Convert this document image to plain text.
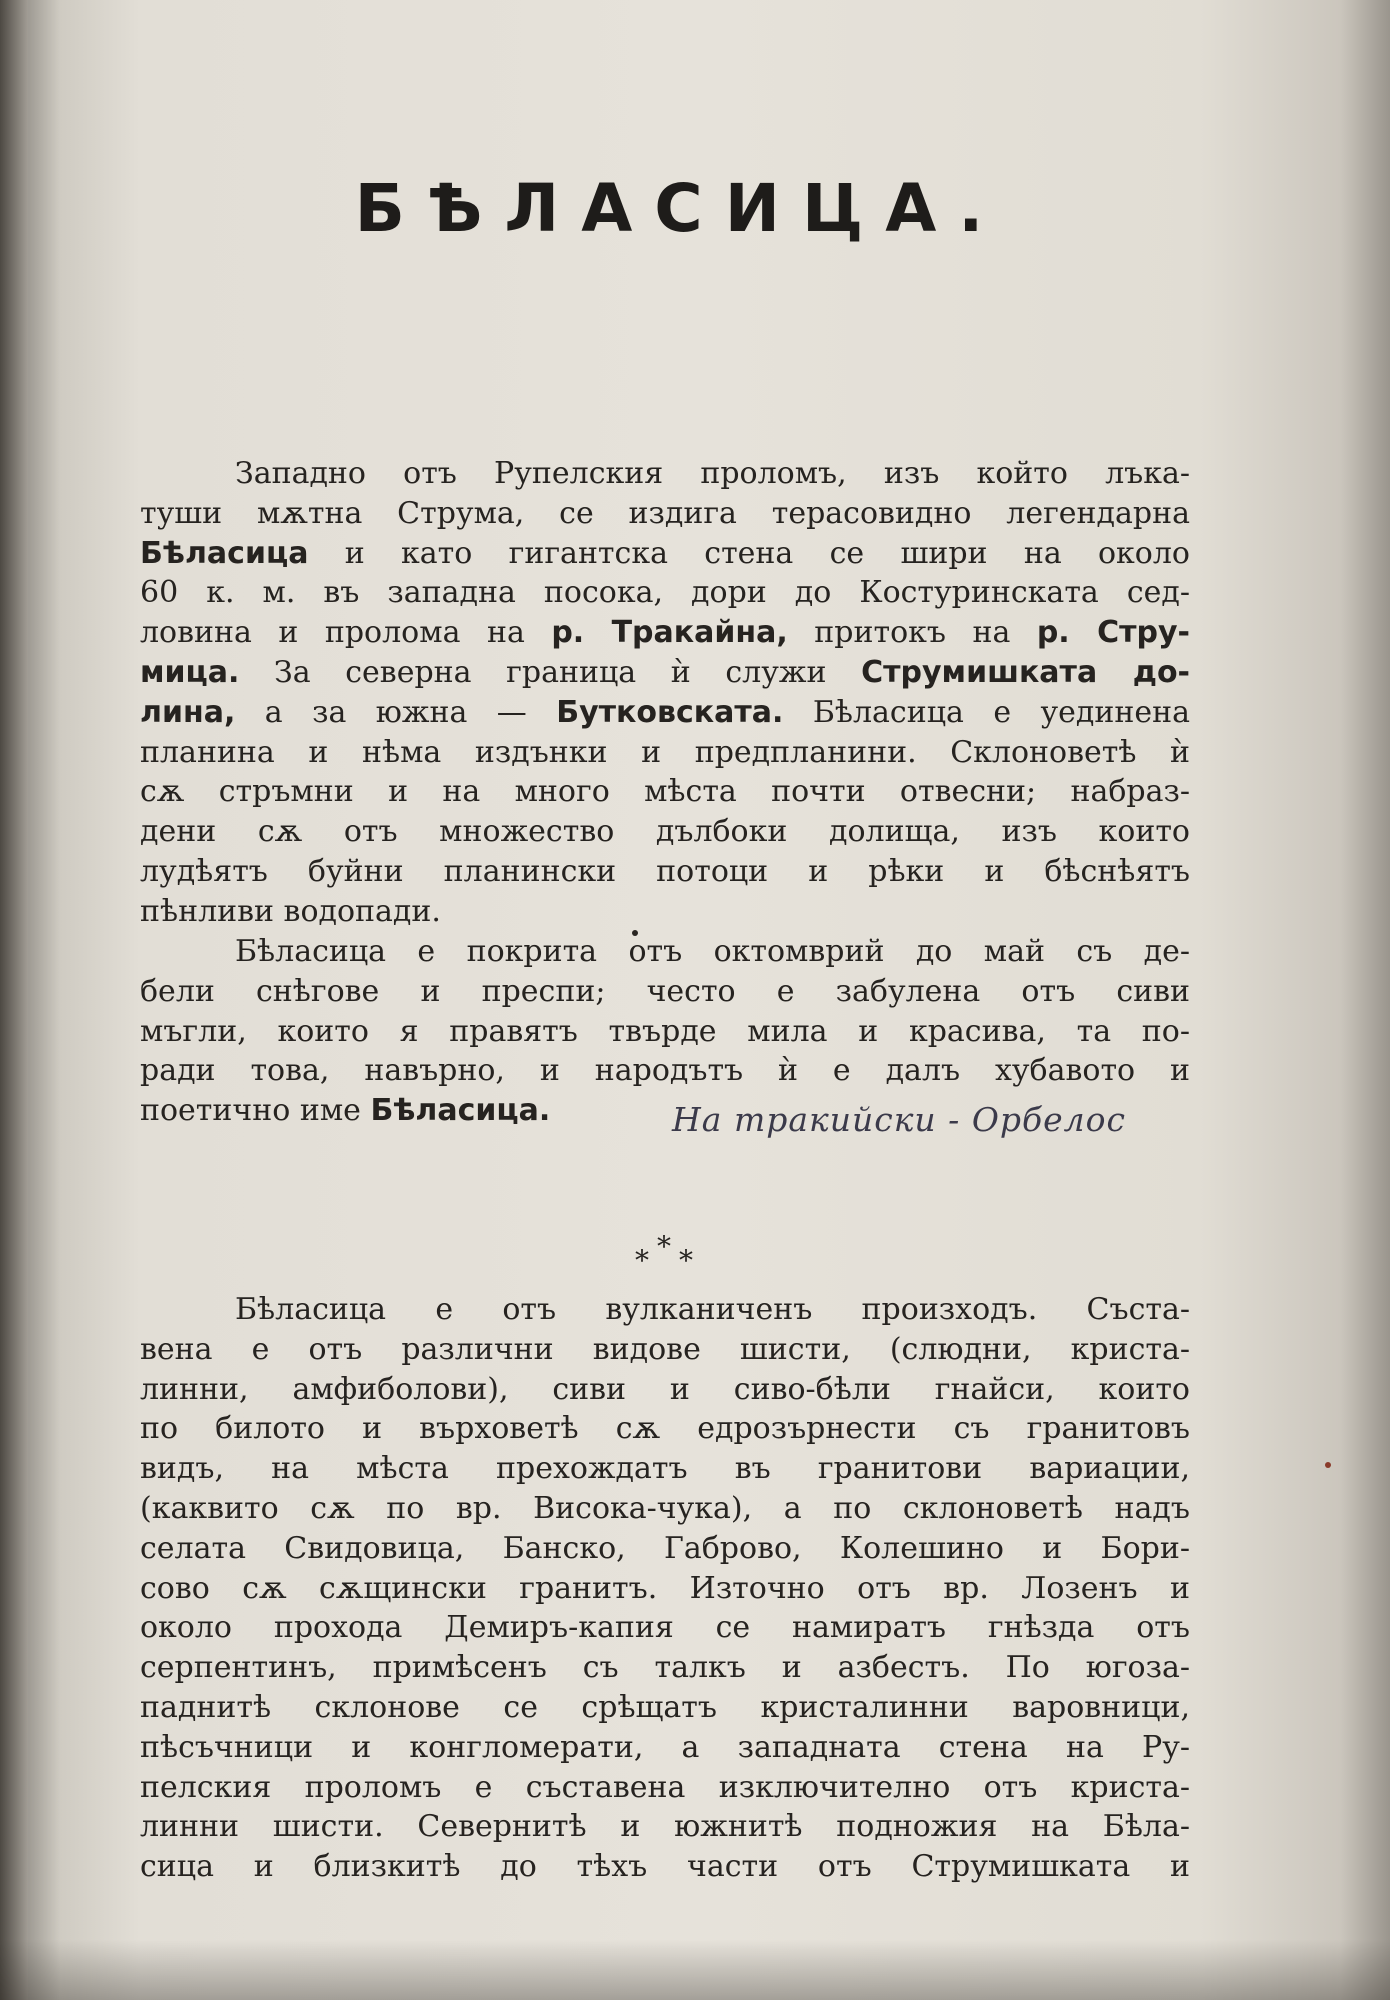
БѢЛАСИЦА.
Западно отъ Рупелския проломъ, изъ който лъка-
туши мѫтна Струма, се издига терасовидно легендарна
Бѣласица и като гигантска стена се шири на около
60 к. м. въ западна посока, дори до Костуринската сед-
ловина и пролома на р. Тракайна, притокъ на р. Стру-
мица. За северна граница ѝ служи Струмишката до-
лина, а за южна — Бутковската. Бѣласица е уединена
планина и нѣма издънки и предпланини. Склоноветѣ ѝ
сѫ стръмни и на много мѣста почти отвесни; набраз-
дени сѫ отъ множество дълбоки долища, изъ които
лудѣятъ буйни планински потоци и рѣки и бѣснѣятъ
пѣнливи водопади.
Бѣласица е покрита отъ октомврий до май съ де-
бели снѣгове и преспи; често е забулена отъ сиви
мъгли, които я правятъ твърде мила и красива, та по-
ради това, навърно, и народътъ ѝ е далъ хубавото и
поетично име Бѣласица.	На тракийски - Орбелос
* * *
Бѣласица е отъ вулканиченъ произходъ. Съста-
вена е отъ различни видове шисти, (слюдни, криста-
линни, амфиболови), сиви и сиво-бѣли гнайси, които
по билото и върховетѣ сѫ едрозърнести съ гранитовъ
видъ, на мѣста прехождатъ въ гранитови вариации,
(каквито сѫ по вр. Висока-чука), а по склоноветѣ надъ
селата Свидовица, Банско, Габрово, Колешино и Бори-
сово сѫ сѫщински гранитъ. Източно отъ вр. Лозенъ и
около прохода Демиръ-капия се намиратъ гнѣзда отъ
серпентинъ, примѣсенъ съ талкъ и азбестъ. По югоза-
паднитѣ склонове се срѣщатъ кристалинни варовници,
пѣсъчници и конгломерати, а западната стена на Ру-
пелския проломъ е съставена изключително отъ криста-
линни шисти. Севернитѣ и южнитѣ подножия на Бѣла-
сица и близкитѣ до тѣхъ части отъ Струмишката и
